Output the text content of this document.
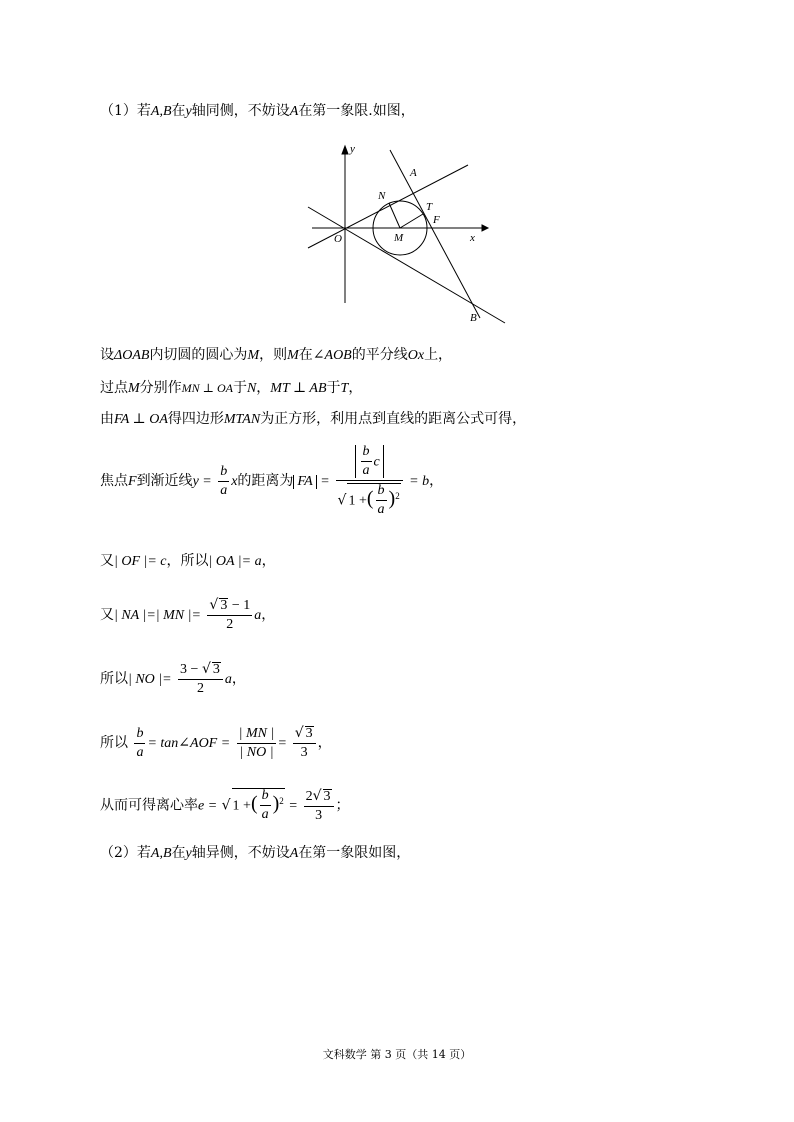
（1）若A,B在y轴同侧，不妨设A在第一象限.如图，
y
x
O	M
N
T
F
A
B
设ΔOAB内切圆的圆心为M，则M在∠AOB的平分线Ox上，
过点M分别作MN ⊥ OA于N，MT ⊥ AB于T，
由FA ⊥ OA得四边形MTAN为正方形，利用点到直线的距离公式可得，
焦点F到渐近线$y = \frac{b}{a}$ x的距离为 FA = $\frac{\frac{b}{a} c}{√ 1 +( \frac{b}{a} )^2} = b$，
又| OF |= c，所以| OA |= a，
又| NA |=| MN |= $\frac{√ 3 - 1}{2}$ a，
所以| NO |= $\frac{3 - √ 3}{2}$ a，
所以 $\frac{b}{a}$ = tan∠AOF = $\frac{| MN |}{| NO |} = \frac{√ 3}{3}$ ，
从而可得离心率e = √ 1 +( $\frac{b}{a} )^2 = \frac{2√ 3}{3}$ ；
（2）若A,B在y轴异侧，不妨设A在第一象限如图，
文科数学 第 3 页（共 14 页）
